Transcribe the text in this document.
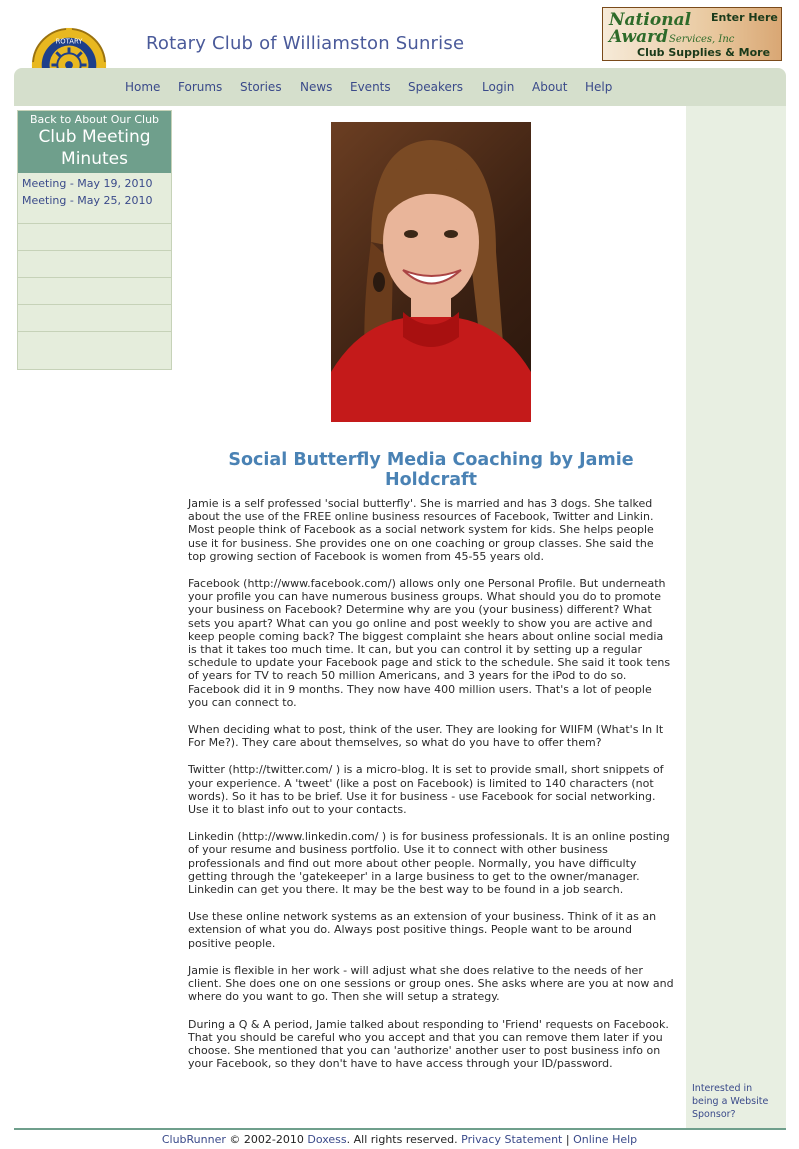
ROTARY	Rotary Club of Williamston Sunrise
National
Award Services, Inc
Enter Here
Club Supplies & More
Home Forums Stories News Events Speakers Login About Help
Back to About Our Club
Club Meeting Minutes
Meeting - May 19, 2010
Meeting - May 25, 2010
Interested in being a Website Sponsor?
Social Butterfly Media Coaching by Jamie Holdcraft

Jamie is a self professed 'social butterfly'. She is married and has 3 dogs. She talked about the use of the FREE online business resources of Facebook, Twitter and Linkin. Most people think of Facebook as a social network system for kids. She helps people use it for business. She provides one on one coaching or group classes. She said the top growing section of Facebook is women from 45-55 years old.

Facebook (http://www.facebook.com/) allows only one Personal Profile. But underneath your profile you can have numerous business groups. What should you do to promote your business on Facebook? Determine why are you (your business) different? What sets you apart? What can you go online and post weekly to show you are active and keep people coming back? The biggest complaint she hears about online social media is that it takes too much time. It can, but you can control it by setting up a regular schedule to update your Facebook page and stick to the schedule. She said it took tens of years for TV to reach 50 million Americans, and 3 years for the iPod to do so. Facebook did it in 9 months. They now have 400 million users. That's a lot of people you can connect to.

When deciding what to post, think of the user. They are looking for WIIFM (What's In It For Me?). They care about themselves, so what do you have to offer them?

Twitter (http://twitter.com/ ) is a micro-blog. It is set to provide small, short snippets of your experience. A 'tweet' (like a post on Facebook) is limited to 140 characters (not words). So it has to be brief. Use it for business - use Facebook for social networking. Use it to blast info out to your contacts.

Linkedin (http://www.linkedin.com/ ) is for business professionals. It is an online posting of your resume and business portfolio. Use it to connect with other business professionals and find out more about other people. Normally, you have difficulty getting through the 'gatekeeper' in a large business to get to the owner/manager. Linkedin can get you there. It may be the best way to be found in a job search.

Use these online network systems as an extension of your business. Think of it as an extension of what you do. Always post positive things. People want to be around positive people.

Jamie is flexible in her work - will adjust what she does relative to the needs of her client. She does one on one sessions or group ones. She asks where are you at now and where do you want to go. Then she will setup a strategy.

During a Q & A period, Jamie talked about responding to 'Friend' requests on Facebook. That you should be careful who you accept and that you can remove them later if you choose. She mentioned that you can 'authorize' another user to post business info on your Facebook, so they don't have to have access through your ID/password.

ClubRunner © 2002-2010 Doxess. All rights reserved. Privacy Statement | Online Help
